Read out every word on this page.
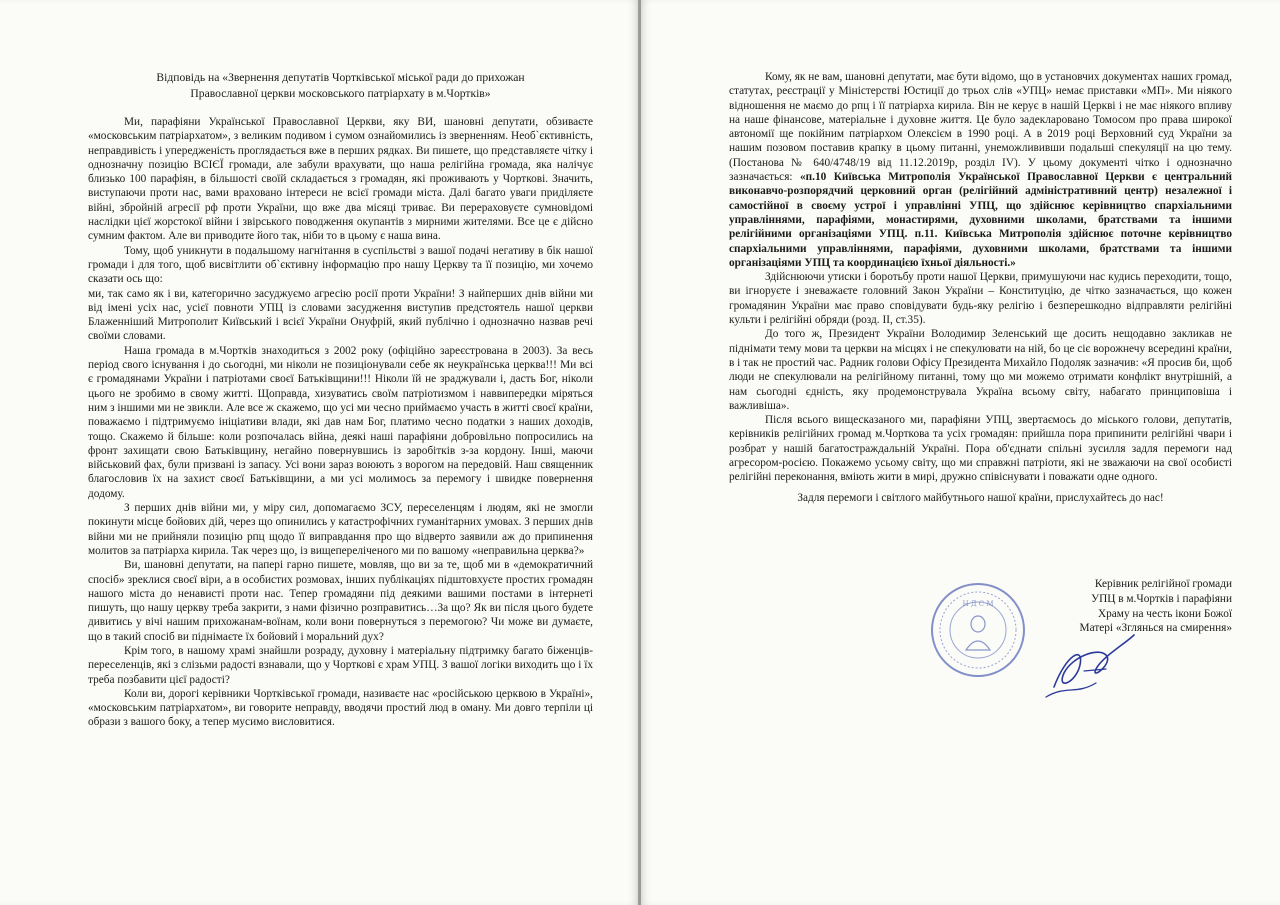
Відповідь на «Звернення депутатів Чортківської міської ради до прихожан
Православної церкви московського патріархату в м.Чортків»

Ми, парафіяни Української Православної Церкви, яку ВИ, шановні депутати, обзиваєте «московським патріархатом», з великим подивом і сумом ознайомились із зверненням. Необ`єктивність, неправдивість і упередженість проглядається вже в перших рядках. Ви пишете, що представляєте чітку і однозначну позицію ВСІЄЇ громади, але забули врахувати, що наша релігійна громада, яка налічує близько 100 парафіян, в більшості своїй складається з громадян, які проживають у Чорткові. Значить, виступаючи проти нас, вами враховано інтереси не всієї громади міста. Далі багато уваги приділяєте війні, збройній агресії рф проти України, що вже два місяці триває. Ви перераховуєте сумновідомі наслідки цієї жорстокої війни і звірського поводження окупантів з мирними жителями. Все це є дійсно сумним фактом. Але ви приводите його так, ніби то в цьому є наша вина.

Тому, щоб уникнути в подальшому нагнітання в суспільстві з вашої подачі негативу в бік нашої громади і для того, щоб висвітлити об`єктивну інформацію про нашу Церкву та її позицію, ми хочемо сказати ось що:

ми, так само як і ви, категорично засуджуємо агресію росії проти України! З найперших днів війни ми від імені усіх нас, усієї повноти УПЦ із словами засудження виступив предстоятель нашої церкви Блаженніший Митрополит Київський і всієї України Онуфрій, який публічно і однозначно назвав речі своїми словами.

Наша громада в м.Чортків знаходиться з 2002 року (офіційно зареєстрована в 2003). За весь період свого існування і до сьогодні, ми ніколи не позиціонували себе як неукраїнська церква!!! Ми всі є громадянами України і патріотами своєї Батьківщини!!! Ніколи їй не зраджували і, дасть Бог, ніколи цього не зробимо в свому житті. Щоправда, хизуватись своїм патріотизмом і наввипередки міряться ним з іншими ми не звикли. Але все ж скажемо, що усі ми чесно приймаємо участь в житті своєї країни, поважаємо і підтримуємо ініціативи влади, які дав нам Бог, платимо чесно податки з наших доходів, тощо. Скажемо й більше: коли розпочалась війна, деякі наші парафіяни добровільно попросились на фронт захищати свою Батьківщину, негайно повернувшись із заробітків з-за кордону. Інші, маючи військовий фах, були призвані із запасу. Усі вони зараз воюють з ворогом на передовій. Наш священник благословив їх на захист своєї Батьківщини, а ми усі молимось за перемогу і швидке повернення додому.

З перших днів війни ми, у міру сил, допомагаємо ЗСУ, переселенцям і людям, які не змогли покинути місце бойових дій, через що опинились у катастрофічних гуманітарних умовах. З перших днів війни ми не прийняли позицію рпц щодо її виправдання про що відверто заявили аж до припинення молитов за патріарха кирила. Так через що, із вищепереліченого ми по вашому «неправильна церква?»

Ви, шановні депутати, на папері гарно пишете, мовляв, що ви за те, щоб ми в «демократичний спосіб» зреклися своєї віри, а в особистих розмовах, інших публікаціях підштовхуєте простих громадян нашого міста до ненависті проти нас. Тепер громадяни під деякими вашими постами в інтернеті пишуть, що нашу церкву треба закрити, з нами фізично розправитись…За що? Як ви після цього будете дивитись у вічі нашим прихожанам-воїнам, коли вони повернуться з перемогою? Чи може ви думаєте, що в такий спосіб ви піднімаєте їх бойовий і моральний дух?

Крім того, в нашому храмі знайшли розраду, духовну і матеріальну підтримку багато біженців-переселенців, які з слізьми радості взнавали, що у Чорткові є храм УПЦ. З вашої логіки виходить що і їх треба позбавити цієї радості?

Коли ви, дорогі керівники Чортківської громади, називаєте нас «російською церквою в Україні», «московським патріархатом», ви говорите неправду, вводячи простий люд в оману. Ми довго терпіли ці образи з вашого боку, а тепер мусимо висловитися.

Кому, як не вам, шановні депутати, має бути відомо, що в установчих документах наших громад, статутах, реєстрації у Міністерстві Юстиції до трьох слів «УПЦ» немає приставки «МП». Ми ніякого відношення не маємо до рпц і її патріарха кирила. Він не керує в нашій Церкві і не має ніякого впливу на наше фінансове, матеріальне і духовне життя. Це було задекларовано Томосом про права широкої автономії ще покійним патріархом Олексієм в 1990 році. А в 2019 році Верховний суд України за нашим позовом поставив крапку в цьому питанні, унеможлививши подальші спекуляції на цю тему. (Постанова № 640/4748/19 від 11.12.2019р, розділ IV). У цьому документі чітко і однозначно зазначається: «п.10 Київська Митрополія Української Православної Церкви є центральний виконавчо-розпорядчий церковний орган (релігійний адміністративний центр) незалежної і самостійної в своєму устрої і управлінні УПЦ, що здійснює керівництво спархіальними управліннями, парафіями, монастирями, духовними школами, братствами та іншими релігійними організаціями УПЦ. п.11. Київська Митрополія здійснює поточне керівництво спархіальними управліннями, парафіями, духовними школами, братствами та іншими організаціями УПЦ та координацією їхньої діяльності.»

Здійснюючи утиски і боротьбу проти нашої Церкви, примушуючи нас кудись переходити, тощо, ви ігноруєте і зневажаєте головний Закон України – Конституцію, де чітко зазначається, що кожен громадянин України має право сповідувати будь-яку релігію і безперешкодно відправляти релігійні культи і релігійні обряди (розд. ІІ, ст.35).

До того ж, Президент України Володимир Зеленський ще досить нещодавно закликав не піднімати тему мови та церкви на місцях і не спекулювати на ній, бо це сіє ворожнечу всередині країни, в і так не простий час. Радник голови Офісу Президента Михайло Подоляк зазначив: «Я просив би, щоб люди не спекулювали на релігійному питанні, тому що ми можемо отримати конфлікт внутрішній, а нам сьогодні єдність, яку продемонструвала Україна всьому світу, набагато принциповіша і важливіша».

Після всього вищесказаного ми, парафіяни УПЦ, звертаємось до міського голови, депутатів, керівників релігійних громад м.Чорткова та усіх громадян: прийшла пора припинити релігійні чвари і розбрат у нашій багатостраждальній Україні. Пора об'єднати спільні зусилля задля перемоги над агресором-росією. Покажемо усьому світу, що ми справжні патріоти, які не зважаючи на свої особисті релігійні переконання, вміють жити в мирі, дружно співіснувати і поважати одне одного.

Задля перемоги і світлого майбутнього нашої країни, прислухайтесь до нас!

Н Д С М
Керівник релігійної громади
УПЦ в м.Чортків і парафіяни
Храму на честь ікони Божої
Матері «Зглянься на смирення»
